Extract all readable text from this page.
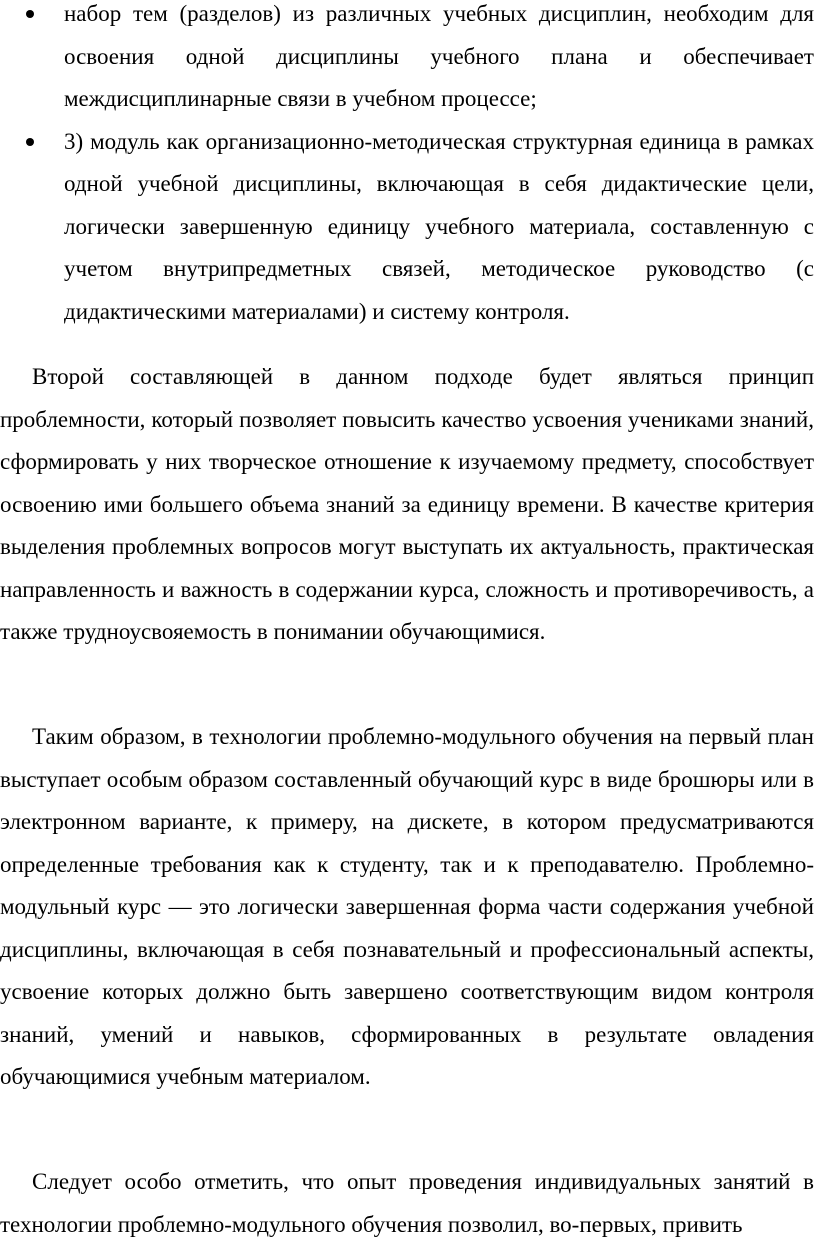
набор тем (разделов) из различных учебных дисциплин, необходим для освоения одной дисциплины учебного плана и обеспечивает междисциплинарные связи в учебном процессе;
3) модуль как организационно-методическая структурная единица в рамках одной учебной дисциплины, включающая в себя дидактические цели, логически завершенную единицу учебного материала, составленную с учетом внутрипредметных связей, методическое руководство (с дидактическими материалами) и систему контроля.

Второй составляющей в данном подходе будет являться принцип проблемности, который позволяет повысить качество усвоения учениками знаний, сформировать у них творческое отношение к изучаемому предмету, способствует освоению ими большего объема знаний за единицу времени. В качестве критерия выделения проблемных вопросов могут выступать их актуальность, практическая направленность и важность в содержании курса, сложность и противоречивость, а также трудноусвояемость в понимании обучающимися.

Таким образом, в технологии проблемно-модульного обучения на первый план выступает особым образом составленный обучающий курс в виде брошюры или в электронном варианте, к примеру, на дискете, в котором предусматриваются определенные требования как к студенту, так и к преподавателю. Проблемно-модульный курс — это логически завершенная форма части содержания учебной дисциплины, включающая в себя познавательный и профессиональный аспекты, усвоение которых должно быть завершено соответствующим видом контроля знаний, умений и навыков, сформированных в результате овладения обучающимися учебным материалом.

Следует особо отметить, что опыт проведения индивидуальных занятий в технологии проблемно-модульного обучения позволил, во-первых, привить
